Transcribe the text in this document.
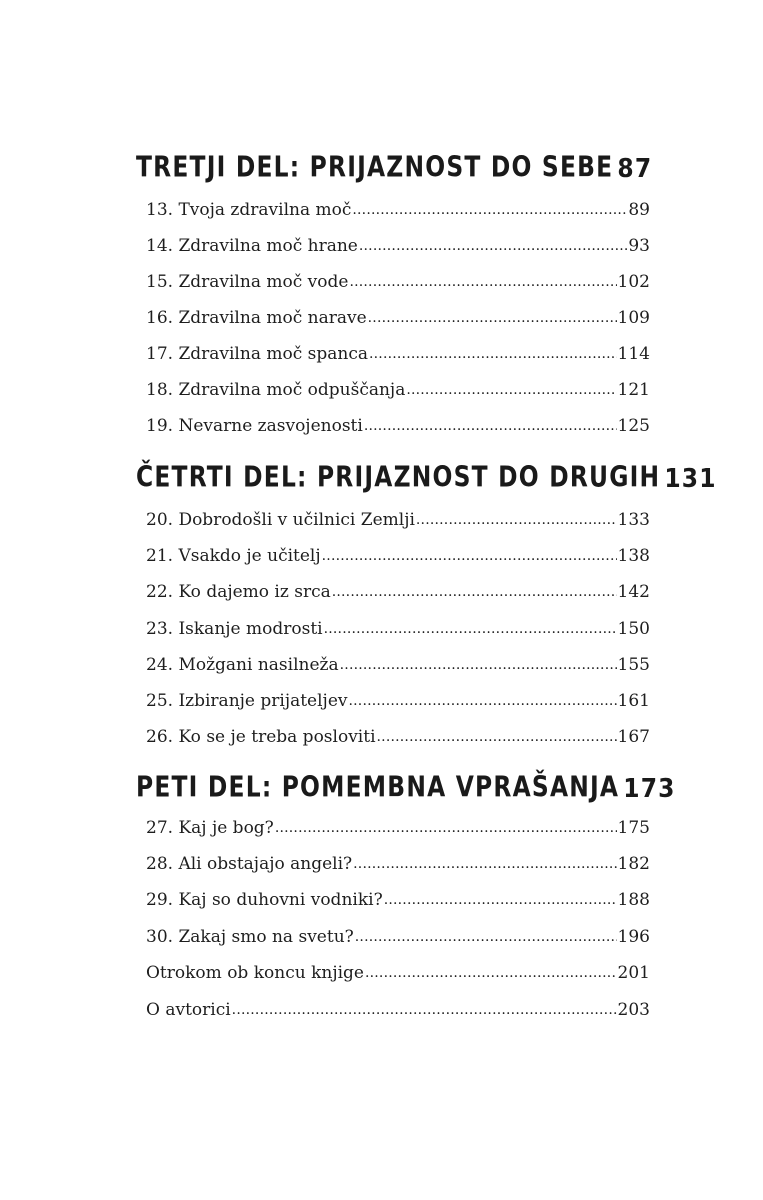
TRETJI DEL: PRIJAZNOST DO SEBE 87
13. Tvoja zdravilna moč .....	89
14. Zdravilna moč hrane .....	93
15. Zdravilna moč vode .....	102
16. Zdravilna moč narave .....	109
17. Zdravilna moč spanca .....	114
18. Zdravilna moč odpuščanja .....	121
19. Nevarne zasvojenosti .....	125
ČETRTI DEL: PRIJAZNOST DO DRUGIH 131
20. Dobrodošli v učilnici Zemlji .....	133
21. Vsakdo je učitelj .....	138
22. Ko dajemo iz srca .....	142
23. Iskanje modrosti .....	150
24. Možgani nasilneža .....	155
25. Izbiranje prijateljev .....	161
26. Ko se je treba posloviti .....	167
PETI DEL: POMEMBNA VPRAŠANJA 173
27. Kaj je bog? .....	175
28. Ali obstajajo angeli? .....	182
29. Kaj so duhovni vodniki? .....	188
30. Zakaj smo na svetu? .....	196
Otrokom ob koncu knjige .....	201
O avtorici .....	203
